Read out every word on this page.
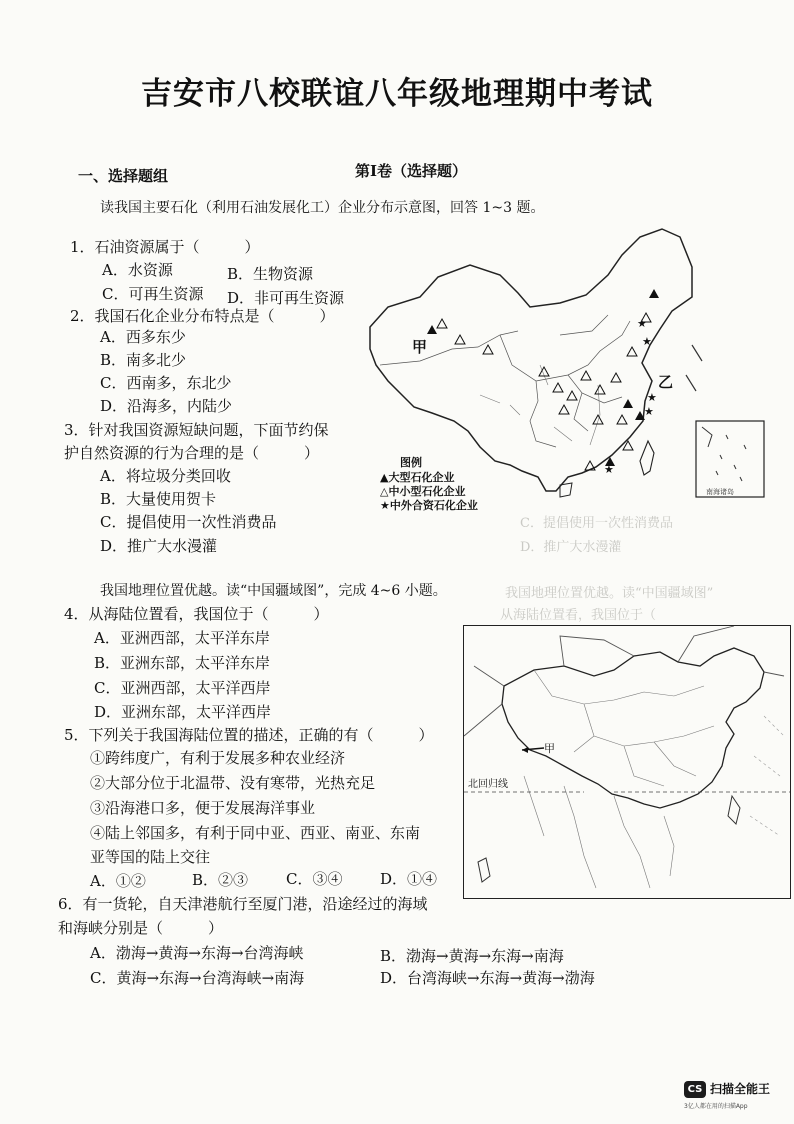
吉安市八校联谊八年级地理期中考试
一、选择题组	第Ⅰ卷（选择题）
读我国主要石化（利用石油发展化工）企业分布示意图，回答 1~3 题。
1．石油资源属于（　　　）
A．水资源	B．生物资源
C．可再生资源 D．非可再生资源
2．我国石化企业分布特点是（　　　）
A．西多东少
B．南多北少
C．西南多，东北少
D．沿海多，内陆少
3．针对我国资源短缺问题，下面节约保
护自然资源的行为合理的是（　　　）
A．将垃圾分类回收
B．大量使用贺卡
C．提倡使用一次性消费品
D．推广大水漫灌
甲
乙
★
★
★
★
★
图例
▲大型石化企业
△中小型石化企业
★中外合资石化企业
南海诸岛
C．提倡使用一次性消费品
D．推广大水漫灌
我国地理位置优越。读“中国疆域图”
从海陆位置看，我国位于（
我国地理位置优越。读“中国疆域图”，完成 4~6 小题。
4．从海陆位置看，我国位于（　　　）
A．亚洲西部，太平洋东岸
B．亚洲东部，太平洋东岸
C．亚洲西部，太平洋西岸
D．亚洲东部，太平洋西岸
5．下列关于我国海陆位置的描述，正确的有（　　　）
①跨纬度广，有利于发展多种农业经济
②大部分位于北温带、没有寒带，光热充足
③沿海港口多，便于发展海洋事业
④陆上邻国多，有利于同中亚、西亚、南亚、东南
亚等国的陆上交往
A．①②	B．②③	C．③④	D．①④
北回归线
甲
6．有一货轮，自天津港航行至厦门港，沿途经过的海域
和海峡分别是（　　　）
A．渤海→黄海→东海→台湾海峡	B．渤海→黄海→东海→南海
C．黄海→东海→台湾海峡→南海	D．台湾海峡→东海→黄海→渤海
CS 扫描全能王
3亿人都在用的扫描App
